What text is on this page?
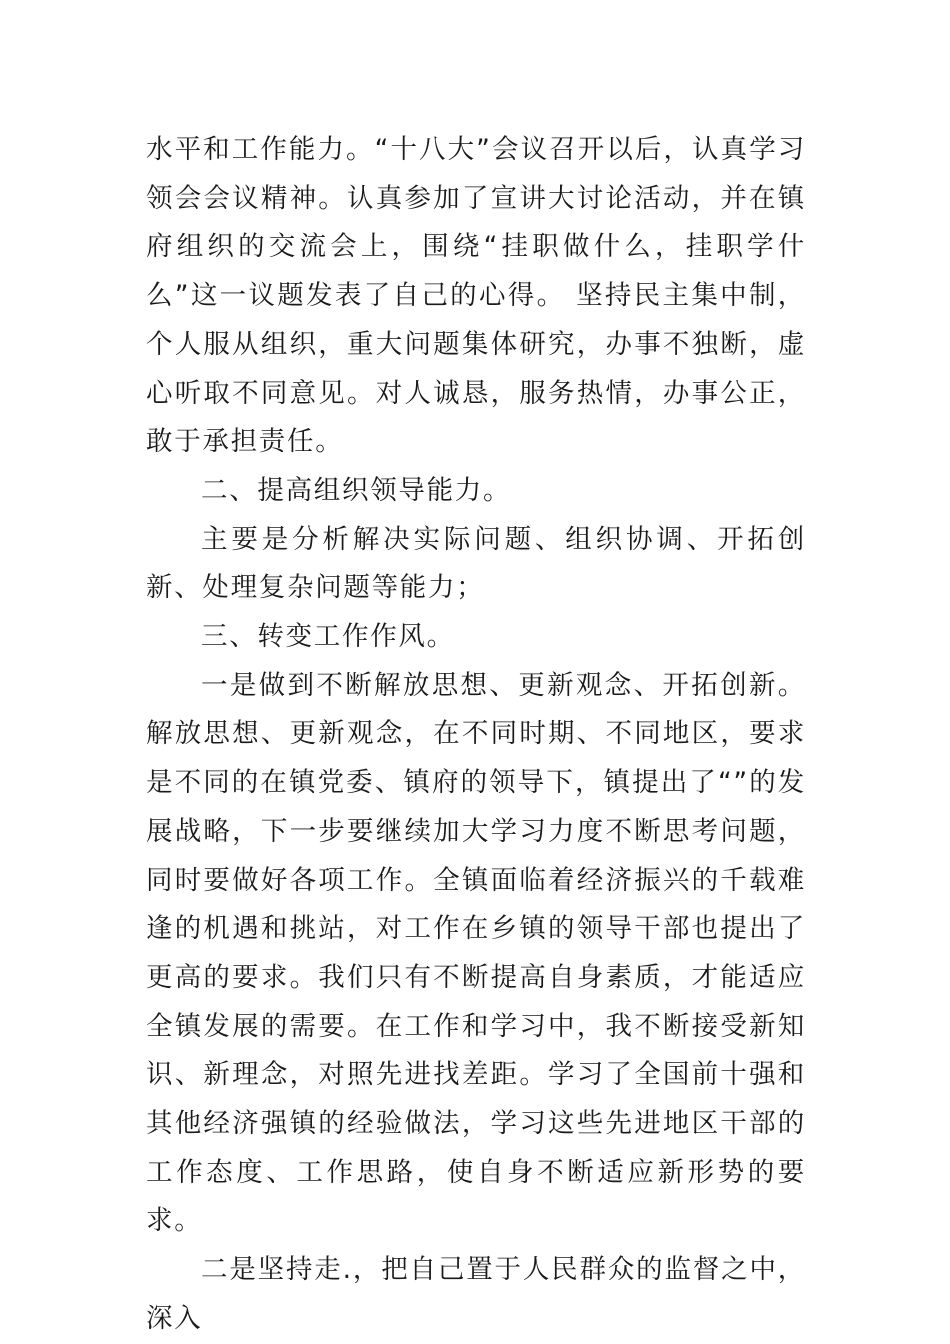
水平和工作能力。“十八大”会议召开以后，认真学习领会会议精神。认真参加了宣讲大讨论活动，并在镇府组织的交流会上，围绕“挂职做什么，挂职学什么”这一议题发表了自己的心得。 坚持民主集中制，个人服从组织，重大问题集体研究，办事不独断，虚心听取不同意见。对人诚恳，服务热情，办事公正，敢于承担责任。

二、提高组织领导能力。

主要是分析解决实际问题、组织协调、开拓创新、处理复杂问题等能力；

三、转变工作作风。

一是做到不断解放思想、更新观念、开拓创新。解放思想、更新观念，在不同时期、不同地区，要求是不同的在镇党委、镇府的领导下，镇提出了“”的发展战略，下一步要继续加大学习力度不断思考问题，同时要做好各项工作。全镇面临着经济振兴的千载难逢的机遇和挑站，对工作在乡镇的领导干部也提出了更高的要求。我们只有不断提高自身素质，才能适应全镇发展的需要。在工作和学习中，我不断接受新知识、新理念，对照先进找差距。学习了全国前十强和其他经济强镇的经验做法，学习这些先进地区干部的工作态度、工作思路，使自身不断适应新形势的要求。

二是坚持走.，把自己置于人民群众的监督之中，深入
